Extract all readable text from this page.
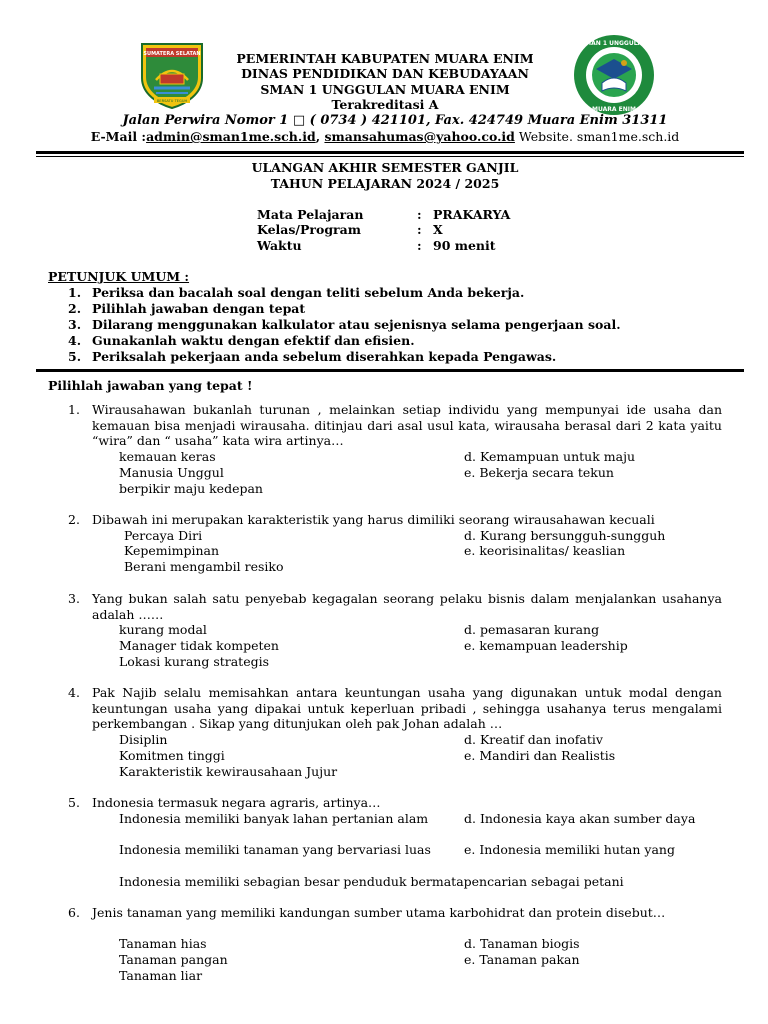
SUMATERA SELATAN
BERSATU TEGUH
SMAN 1 UNGGULAN
MUARA ENIM
PEMERINTAH KABUPATEN MUARA ENIM
DINAS PENDIDIKAN DAN KEBUDAYAAN
SMAN 1 UNGGULAN MUARA ENIM
Terakreditasi A
Jalan Perwira Nomor 1 □ ( 0734 ) 421101, Fax. 424749 Muara Enim 31311
E-Mail :admin@sman1me.sch.id, smansahumas@yahoo.co.id Website. sman1me.sch.id
ULANGAN AKHIR SEMESTER GANJIL
TAHUN PELAJARAN 2024 / 2025
Mata Pelajaran	: PRAKARYA
Kelas/Program	: X
Waktu	: 90 menit
PETUNJUK UMUM :
1. Periksa dan bacalah soal dengan teliti sebelum Anda bekerja.
2. Pilihlah jawaban dengan tepat
3. Dilarang menggunakan kalkulator atau sejenisnya selama pengerjaan soal.
4. Gunakanlah waktu dengan efektif dan efisien.
5. Periksalah pekerjaan anda sebelum diserahkan kepada Pengawas.
Pilihlah jawaban yang tepat !
1. Wirausahawan bukanlah turunan , melainkan setiap individu yang mempunyai ide usaha dan kemauan bisa menjadi wirausaha. ditinjau dari asal usul kata, wirausaha berasal dari 2 kata yaitu “wira” dan “ usaha” kata wira artinya…
kemauan keras
Manusia Unggul
berpikir maju kedepan
d. Kemampuan untuk maju
e. Bekerja secara tekun
2. Dibawah ini merupakan karakteristik yang harus dimiliki seorang wirausahawan kecuali
Percaya Diri
Kepemimpinan
Berani mengambil resiko
d. Kurang bersungguh-sungguh
e. keorisinalitas/ keaslian
3. Yang bukan salah satu penyebab kegagalan seorang pelaku bisnis dalam menjalankan usahanya adalah ……
kurang modal
Manager tidak kompeten
Lokasi kurang strategis
d. pemasaran kurang
e. kemampuan leadership
4. Pak Najib selalu memisahkan antara keuntungan usaha yang digunakan untuk modal dengan keuntungan usaha yang dipakai untuk keperluan pribadi , sehingga usahanya terus mengalami perkembangan . Sikap yang ditunjukan oleh pak Johan adalah …
Disiplin
Komitmen tinggi
Karakteristik kewirausahaan Jujur
d. Kreatif dan inofativ
e. Mandiri dan Realistis
5. Indonesia termasuk negara agraris, artinya…
Indonesia memiliki banyak lahan pertanian alam
Indonesia memiliki tanaman yang bervariasi luas
Indonesia memiliki sebagian besar penduduk bermatapencarian sebagai petani
d. Indonesia kaya akan sumber daya
e. Indonesia memiliki hutan yang
6. Jenis tanaman yang memiliki kandungan sumber utama karbohidrat dan protein disebut…
Tanaman hias
Tanaman pangan
Tanaman liar
d. Tanaman biogis
e. Tanaman pakan
